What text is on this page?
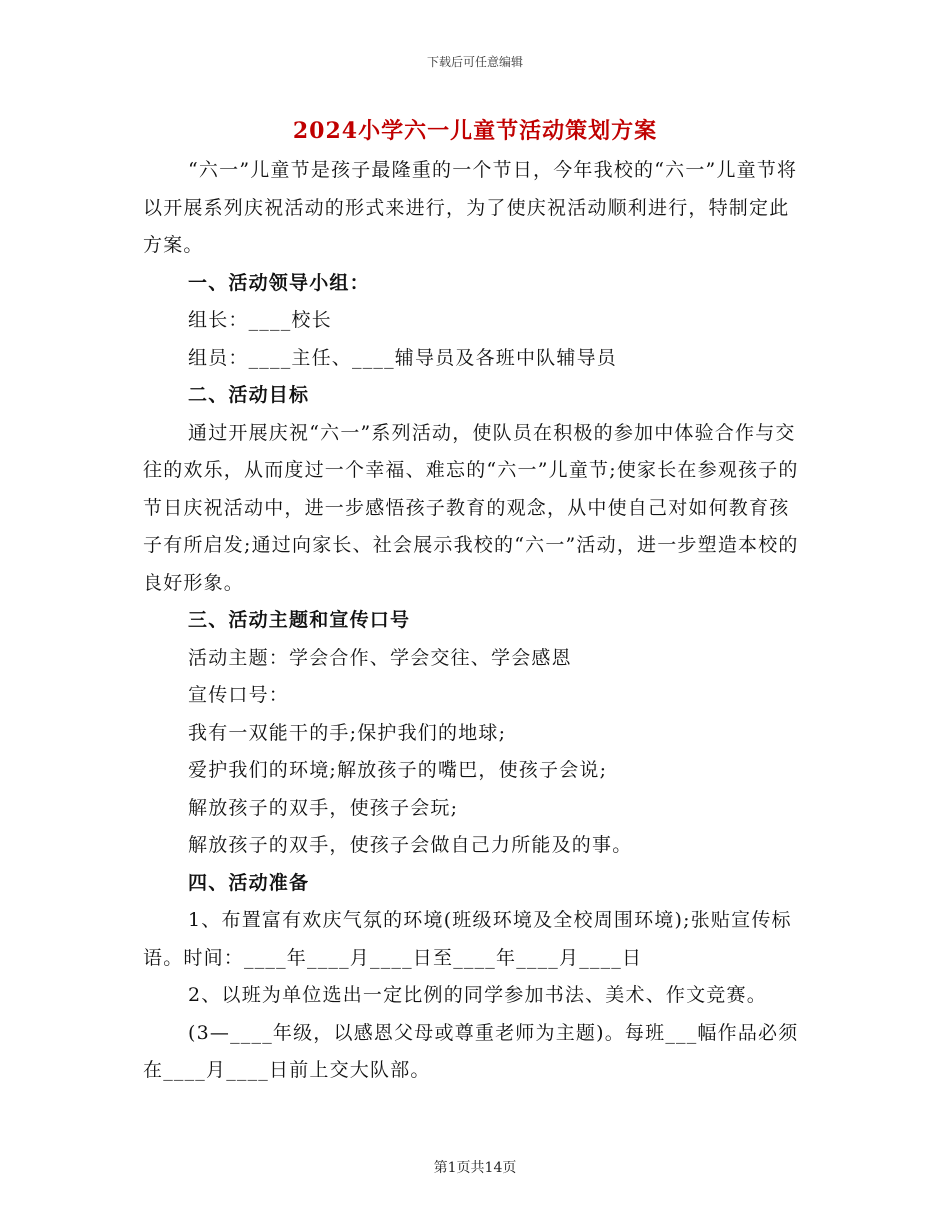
下载后可任意编辑
2024小学六一儿童节活动策划方案

“六一”儿童节是孩子最隆重的一个节日，今年我校的“六一”儿童节将以开展系列庆祝活动的形式来进行，为了使庆祝活动顺利进行，特制定此方案。

一、活动领导小组：

组长：____校长

组员：____主任、____辅导员及各班中队辅导员

二、活动目标

通过开展庆祝“六一”系列活动，使队员在积极的参加中体验合作与交往的欢乐，从而度过一个幸福、难忘的“六一”儿童节;使家长在参观孩子的节日庆祝活动中，进一步感悟孩子教育的观念，从中使自己对如何教育孩子有所启发;通过向家长、社会展示我校的“六一”活动，进一步塑造本校的良好形象。

三、活动主题和宣传口号

活动主题：学会合作、学会交往、学会感恩

宣传口号：

我有一双能干的手;保护我们的地球;

爱护我们的环境;解放孩子的嘴巴，使孩子会说;

解放孩子的双手，使孩子会玩;

解放孩子的双手，使孩子会做自己力所能及的事。

四、活动准备

1、布置富有欢庆气氛的环境(班级环境及全校周围环境);张贴宣传标语。时间：____年____月____日至____年____月____日

2、以班为单位选出一定比例的同学参加书法、美术、作文竞赛。

(3—____年级，以感恩父母或尊重老师为主题)。每班___幅作品必须在____月____日前上交大队部。

第1页共14页
